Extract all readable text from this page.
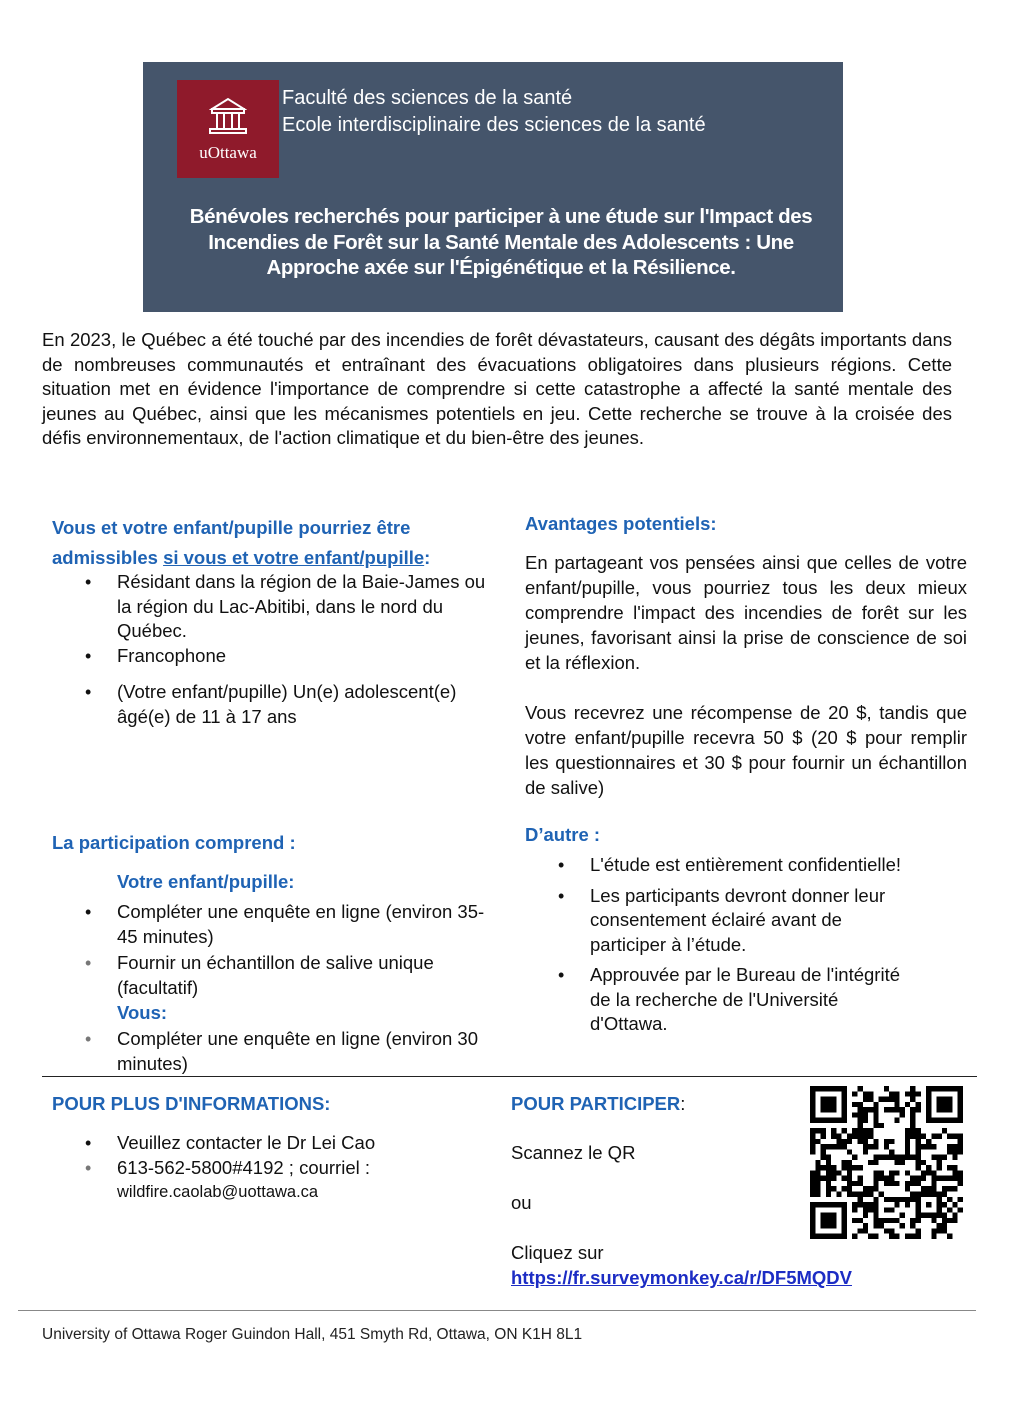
uOttawa
Faculté des sciences de la santé
Ecole interdisciplinaire des sciences de la santé
Bénévoles recherchés pour participer à une étude sur l'Impact des Incendies de Forêt sur la Santé Mentale des Adolescents : Une Approche axée sur l'Épigénétique et la Résilience.
En 2023, le Québec a été touché par des incendies de forêt dévastateurs, causant des dégâts importants dans de nombreuses communautés et entraînant des évacuations obligatoires dans plusieurs régions. Cette situation met en évidence l'importance de comprendre si cette catastrophe a affecté la santé mentale des jeunes au Québec, ainsi que les mécanismes potentiels en jeu. Cette recherche se trouve à la croisée des défis environnementaux, de l'action climatique et du bien-être des jeunes.
Vous et votre enfant/pupille pourriez être
admissibles si vous et votre enfant/pupille:
• Résidant dans la région de la Baie-James ou la région du Lac-Abitibi, dans le nord du Québec.
• Francophone
• (Votre enfant/pupille) Un(e) adolescent(e) âgé(e) de 11 à 17 ans
Avantages potentiels:
En partageant vos pensées ainsi que celles de votre enfant/pupille, vous pourriez tous les deux mieux comprendre l'impact des incendies de forêt sur les jeunes, favorisant ainsi la prise de conscience de soi et la réflexion.
Vous recevrez une récompense de 20 $, tandis que votre enfant/pupille recevra 50 $ (20 $ pour remplir les questionnaires et 30 $ pour fournir un échantillon de salive)
La participation comprend :
Votre enfant/pupille:
• Compléter une enquête en ligne (environ 35-45 minutes)
• Fournir un échantillon de salive unique (facultatif)
Vous:
• Compléter une enquête en ligne (environ 30 minutes)
D’autre :
• L'étude est entièrement confidentielle!
• Les participants devront donner leur consentement éclairé avant de participer à l’étude.
• Approuvée par le Bureau de l'intégrité de la recherche de l'Université d'Ottawa.
POUR PLUS D'INFORMATIONS:
• Veuillez contacter le Dr Lei Cao
• 613-562-5800#4192 ; courriel :
wildfire.caolab@uottawa.ca
POUR PARTICIPER:
Scannez le QR
ou
Cliquez sur
https://fr.surveymonkey.ca/r/DF5MQDV
University of Ottawa Roger Guindon Hall, 451 Smyth Rd, Ottawa, ON K1H 8L1
